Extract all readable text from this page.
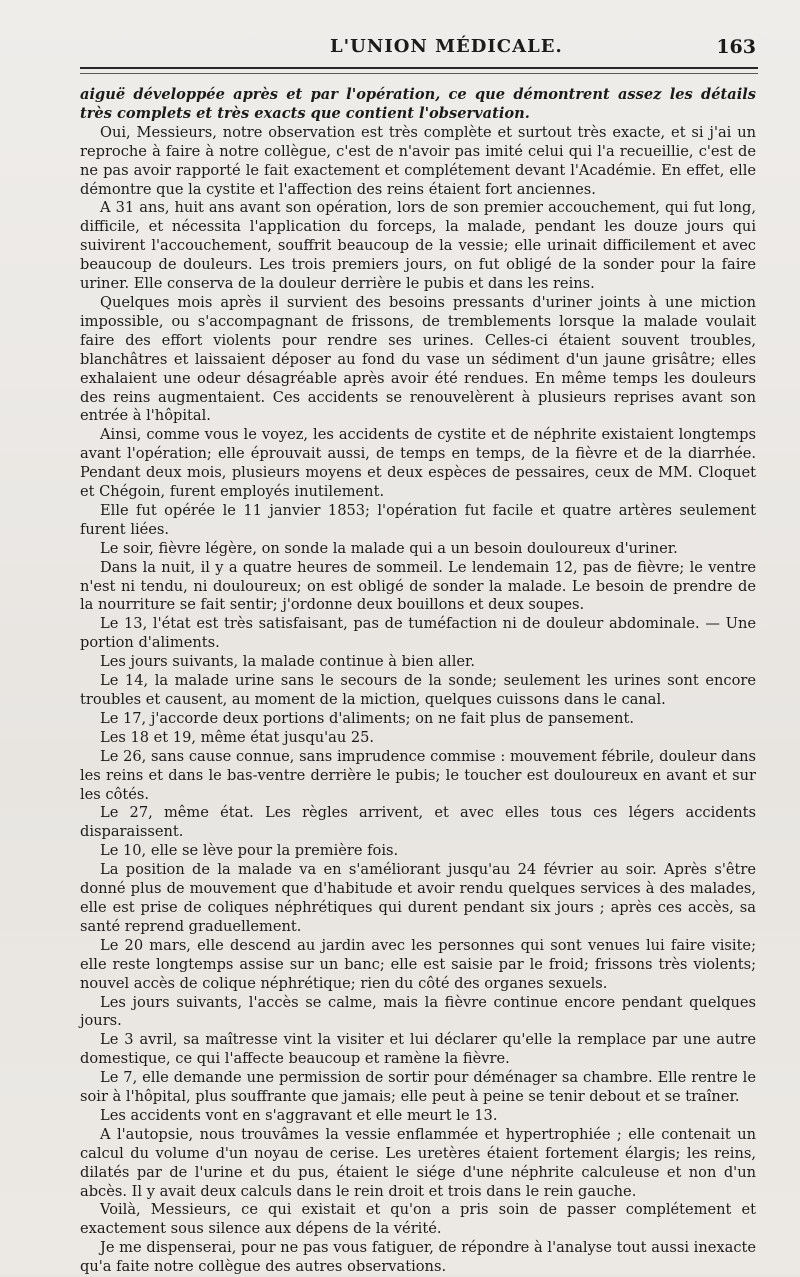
L'UNION MÉDICALE.	163

aiguë développée après et par l'opération, ce que démontrent assez les détails très complets et très exacts que contient l'observation.

Oui, Messieurs, notre observation est très complète et surtout très exacte, et si j'ai un reproche à faire à notre collègue, c'est de n'avoir pas imité celui qui l'a recueillie, c'est de ne pas avoir rapporté le fait exactement et complétement devant l'Académie. En effet, elle démontre que la cystite et l'affection des reins étaient fort anciennes.

A 31 ans, huit ans avant son opération, lors de son premier accouchement, qui fut long, difficile, et nécessita l'application du forceps, la malade, pendant les douze jours qui suivirent l'accouchement, souffrit beaucoup de la vessie; elle urinait difficilement et avec beaucoup de douleurs. Les trois premiers jours, on fut obligé de la sonder pour la faire uriner. Elle conserva de la douleur derrière le pubis et dans les reins.

Quelques mois après il survient des besoins pressants d'uriner joints à une miction impossible, ou s'accompagnant de frissons, de tremblements lorsque la malade voulait faire des effort violents pour rendre ses urines. Celles-ci étaient souvent troubles, blanchâtres et laissaient déposer au fond du vase un sédiment d'un jaune grisâtre; elles exhalaient une odeur désagréable après avoir été rendues. En même temps les douleurs des reins augmentaient. Ces accidents se renouvelèrent à plusieurs reprises avant son entrée à l'hôpital.

Ainsi, comme vous le voyez, les accidents de cystite et de néphrite existaient longtemps avant l'opération; elle éprouvait aussi, de temps en temps, de la fièvre et de la diarrhée. Pendant deux mois, plusieurs moyens et deux espèces de pessaires, ceux de MM. Cloquet et Chégoin, furent employés inutilement.

Elle fut opérée le 11 janvier 1853; l'opération fut facile et quatre artères seulement furent liées.

Le soir, fièvre légère, on sonde la malade qui a un besoin douloureux d'uriner.

Dans la nuit, il y a quatre heures de sommeil. Le lendemain 12, pas de fièvre; le ventre n'est ni tendu, ni douloureux; on est obligé de sonder la malade. Le besoin de prendre de la nourriture se fait sentir; j'ordonne deux bouillons et deux soupes.

Le 13, l'état est très satisfaisant, pas de tuméfaction ni de douleur abdominale. — Une portion d'aliments.

Les jours suivants, la malade continue à bien aller.

Le 14, la malade urine sans le secours de la sonde; seulement les urines sont encore troubles et causent, au moment de la miction, quelques cuissons dans le canal.

Le 17, j'accorde deux portions d'aliments; on ne fait plus de pansement.

Les 18 et 19, même état jusqu'au 25.

Le 26, sans cause connue, sans imprudence commise : mouvement fébrile, douleur dans les reins et dans le bas-ventre derrière le pubis; le toucher est douloureux en avant et sur les côtés.

Le 27, même état. Les règles arrivent, et avec elles tous ces légers accidents disparaissent.

Le 10, elle se lève pour la première fois.

La position de la malade va en s'améliorant jusqu'au 24 février au soir. Après s'être donné plus de mouvement que d'habitude et avoir rendu quelques services à des malades, elle est prise de coliques néphrétiques qui durent pendant six jours ; après ces accès, sa santé reprend graduellement.

Le 20 mars, elle descend au jardin avec les personnes qui sont venues lui faire visite; elle reste longtemps assise sur un banc; elle est saisie par le froid; frissons très violents; nouvel accès de colique néphrétique; rien du côté des organes sexuels.

Les jours suivants, l'accès se calme, mais la fièvre continue encore pendant quelques jours.

Le 3 avril, sa maîtresse vint la visiter et lui déclarer qu'elle la remplace par une autre domestique, ce qui l'affecte beaucoup et ramène la fièvre.

Le 7, elle demande une permission de sortir pour déménager sa chambre. Elle rentre le soir à l'hôpital, plus souffrante que jamais; elle peut à peine se tenir debout et se traîner.

Les accidents vont en s'aggravant et elle meurt le 13.

A l'autopsie, nous trouvâmes la vessie enflammée et hypertrophiée ; elle contenait un calcul du volume d'un noyau de cerise. Les uretères étaient fortement élargis; les reins, dilatés par de l'urine et du pus, étaient le siége d'une néphrite calculeuse et non d'un abcès. Il y avait deux calculs dans le rein droit et trois dans le rein gauche.

Voilà, Messieurs, ce qui existait et qu'on a pris soin de passer complétement et exactement sous silence aux dépens de la vérité.

Je me dispenserai, pour ne pas vous fatiguer, de répondre à l'analyse tout aussi inexacte qu'a faite notre collègue des autres observations.
